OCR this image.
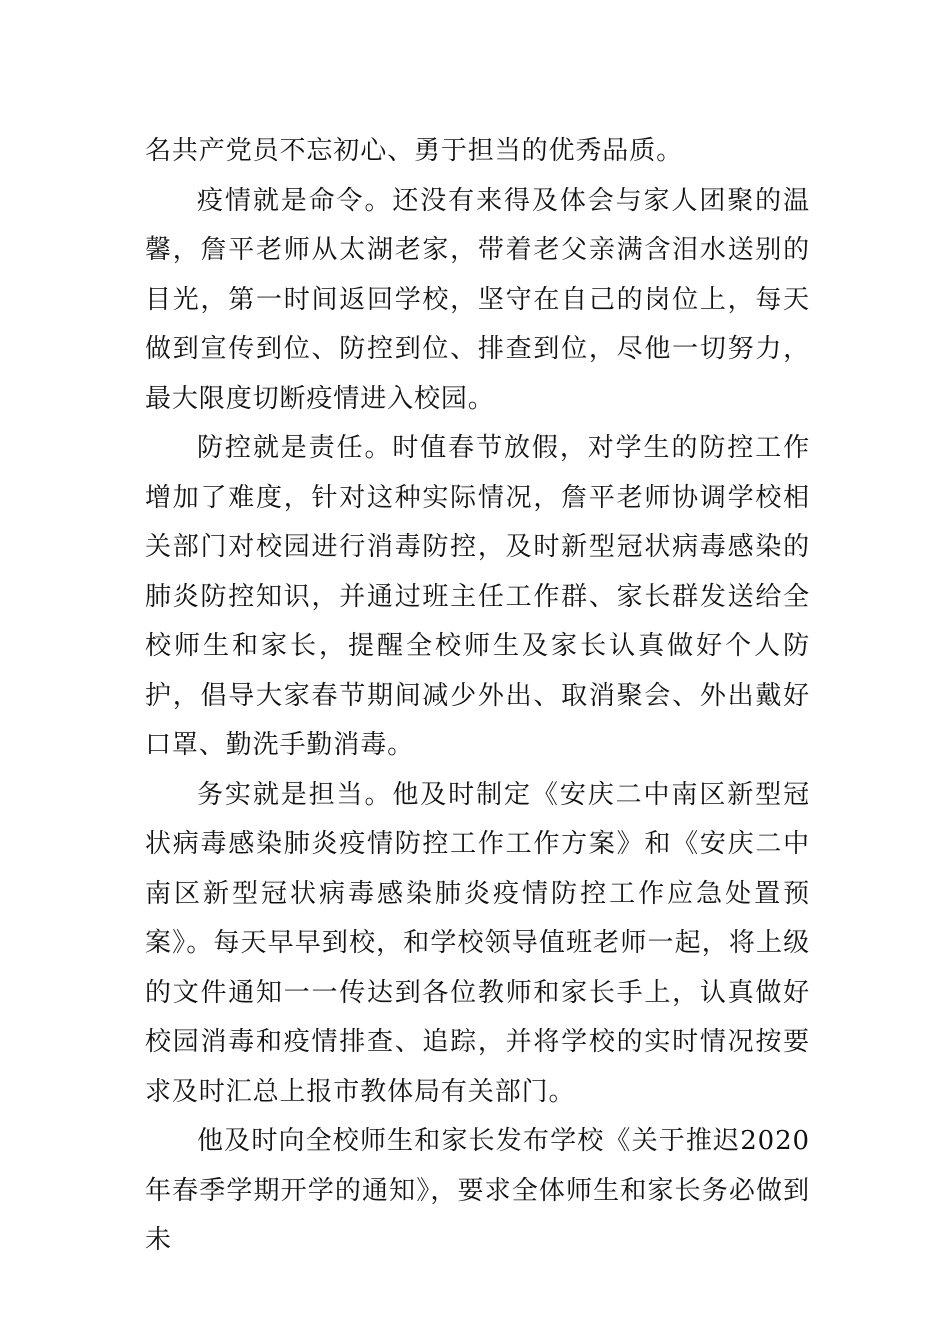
名共产党员不忘初心、勇于担当的优秀品质。

疫情就是命令。还没有来得及体会与家人团聚的温馨，詹平老师从太湖老家，带着老父亲满含泪水送别的目光，第一时间返回学校，坚守在自己的岗位上，每天做到宣传到位、防控到位、排查到位，尽他一切努力，最大限度切断疫情进入校园。

防控就是责任。时值春节放假，对学生的防控工作增加了难度，针对这种实际情况，詹平老师协调学校相关部门对校园进行消毒防控，及时新型冠状病毒感染的肺炎防控知识，并通过班主任工作群、家长群发送给全校师生和家长，提醒全校师生及家长认真做好个人防护，倡导大家春节期间减少外出、取消聚会、外出戴好口罩、勤洗手勤消毒。

务实就是担当。他及时制定《安庆二中南区新型冠状病毒感染肺炎疫情防控工作工作方案》和《安庆二中南区新型冠状病毒感染肺炎疫情防控工作应急处置预案》。每天早早到校，和学校领导值班老师一起，将上级的文件通知一一传达到各位教师和家长手上，认真做好校园消毒和疫情排查、追踪，并将学校的实时情况按要求及时汇总上报市教体局有关部门。

他及时向全校师生和家长发布学校《关于推迟2020年春季学期开学的通知》，要求全体师生和家长务必做到未
